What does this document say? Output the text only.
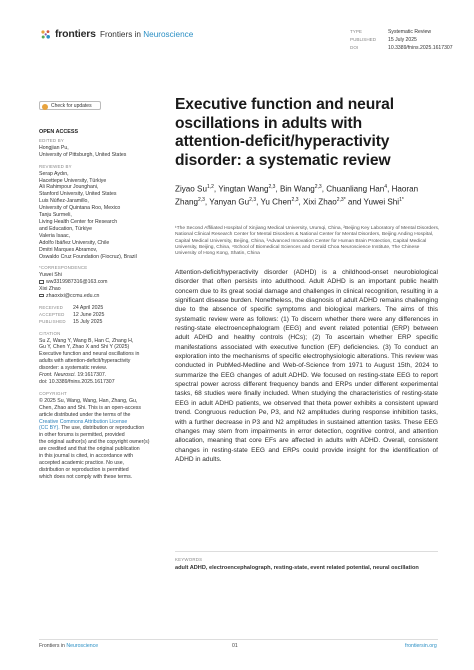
frontiers Frontiers in Neuroscience	TYPE	Systematic Review
PUBLISHED 15 July 2025
DOI	10.3389/fnins.2025.1617307
Check for updates
OPEN ACCESS
EDITED BY
Hongjian Pu,
University of Pittsburgh, United States
REVIEWED BY
Serap Aydın,
Hacettepe University, Türkiye
Ali Rahimpour Jounghani,
Stanford University, United States
Luis Núñez-Jaramillo,
University of Quintana Roo, Mexico
Tanju Surmeli,
Living Health Center for Research
and Education, Türkiye
Valeria Isaac,
Adolfo Ibáñez University, Chile
Dmitri Marques Abramov,
Oswaldo Cruz Foundation (Fiocruz), Brazil
*CORRESPONDENCE
Yuwei Shi
ww3319987316@163.com
Xixi Zhao
zhaoxixi@ccmu.edu.cn
RECEIVED 24 April 2025
ACCEPTED 12 June 2025
PUBLISHED 15 July 2025
CITATION
Su Z, Wang Y, Wang B, Han C, Zhang H,
Gu Y, Chen Y, Zhao X and Shi Y (2025)
Executive function and neural oscillations in
adults with attention-deficit/hyperactivity
disorder: a systematic review.
Front. Neurosci. 19:1617307.
doi: 10.3389/fnins.2025.1617307
COPYRIGHT
© 2025 Su, Wang, Wang, Han, Zhang, Gu,
Chen, Zhao and Shi. This is an open-access
article distributed under the terms of the
Creative Commons Attribution License
(CC BY). The use, distribution or reproduction
in other forums is permitted, provided
the original author(s) and the copyright owner(s)
are credited and that the original publication
in this journal is cited, in accordance with
accepted academic practice. No use,
distribution or reproduction is permitted
which does not comply with these terms.
Executive function and neural
oscillations in adults with
attention-deficit/hyperactivity
disorder: a systematic review
Ziyao Su$^{1,2}$, Yingtan Wang$^{2,3}$, Bin Wang$^{2,3}$, Chuanliang Han$^4$, Haoran Zhang$^{2,3}$, Yanyan Gu$^{2,3}$, Yu Chen$^{2,3}$, Xixi Zhao$^{2,3*}$ and Yuwei Shi$^{1*}$
¹The Second Affiliated Hospital of Xinjiang Medical University, Urumqi, China, ²Beijing Key Laboratory of Mental Disorders, National Clinical Research Center for Mental Disorders & National Center for Mental Disorders, Beijing Anding Hospital, Capital Medical University, Beijing, China, ³Advanced Innovation Center for Human Brain Protection, Capital Medical University, Beijing, China, ⁴School of Biomedical Sciences and Gerald Choa Neuroscience Institute, The Chinese University of Hong Kong, Shatin, China
Attention-deficit/hyperactivity disorder (ADHD) is a childhood-onset neurobiological disorder that often persists into adulthood. Adult ADHD is an important public health concern due to its great social damage and challenges in clinical recognition, resulting in a significant disease burden. Nonetheless, the diagnosis of adult ADHD remains challenging due to the absence of specific symptoms and biological markers. The aims of this systematic review were as follows: (1) To discern whether there were any differences in resting-state electroencephalogram (EEG) and event related potential (ERP) between adult ADHD and healthy controls (HCs); (2) To ascertain whether ERP specific manifestations associated with executive function (EF) deficiencies. (3) To conduct an exploration into the mechanisms of specific electrophysiologic alterations. This review was conducted in PubMed-Medline and Web-of-Science from 1971 to August 15th, 2024 to summarize the EEG changes of adult ADHD. We focused on resting-state EEG to report spectral power across different frequency bands and ERPs under different experimental tasks, 68 studies were finally included. When studying the characteristics of resting-state EEG in adult ADHD patients, we observed that theta power exhibits a consistent upward trend. Congruous reduction Pe, P3, and N2 amplitudes during response inhibition tasks, with a further decrease in P3 and N2 amplitudes in sustained attention tasks. These EEG changes may stem from impairments in error detection, cognitive control, and attention allocation, meaning that core EFs are affected in adults with ADHD. Overall, consistent changes in resting-state EEG and ERPs could provide insight for the identification of ADHD in adults.
KEYWORDS
adult ADHD, electroencephalograph, resting-state, event related potential, neural oscillation
Frontiers in Neuroscience	01	frontiersin.org
